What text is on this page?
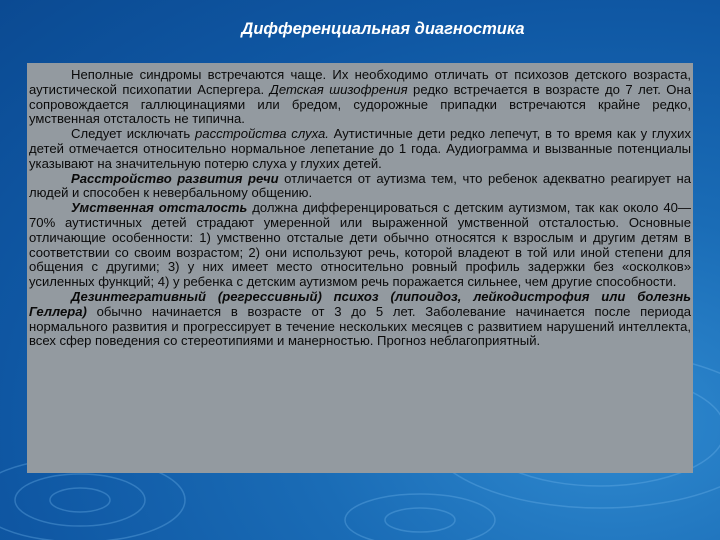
Дифференциальная диагностика

Неполные синдромы встречаются чаще. Их необходимо отличать от психозов детского возраста, аутистической психопатии Аспергера. Детская шизофрения редко встречается в возрасте до 7 лет. Она сопровождается галлюцинациями или бредом, судорожные припадки встречаются крайне редко, умственная отсталость не типична.

Следует исключать расстройства слуха. Аутистичные дети редко лепечут, в то время как у глухих детей отмечается относительно нормальное лепетание до 1 года. Аудиограмма и вызванные потенциалы указывают на значительную потерю слуха у глухих детей.

Расстройство развития речи отличается от аутизма тем, что ребенок адекватно реагирует на людей и способен к невербальному общению.

Умственная отсталость должна дифференцироваться с детским аутизмом, так как около 40—70% аутистичных детей страдают умеренной или выраженной умственной отсталостью. Основные отличающие особенности: 1) умственно отсталые дети обычно относятся к взрослым и другим детям в соответствии со своим возрастом; 2) они используют речь, которой владеют в той или иной степени для общения с другими; 3) у них имеет место относительно ровный профиль задержки без «осколков» усиленных функций; 4) у ребенка с детским аутизмом речь поражается сильнее, чем другие способности.

Дезинтегративный (регрессивный) психоз (липоидоз, лейкодистрофия или болезнь Геллера) обычно начинается в возрасте от 3 до 5 лет. Заболевание начинается после периода нормального развития и прогрессирует в течение нескольких месяцев с развитием нарушений интеллекта, всех сфер поведения со стереотипиями и манерностью. Прогноз неблагоприятный.
